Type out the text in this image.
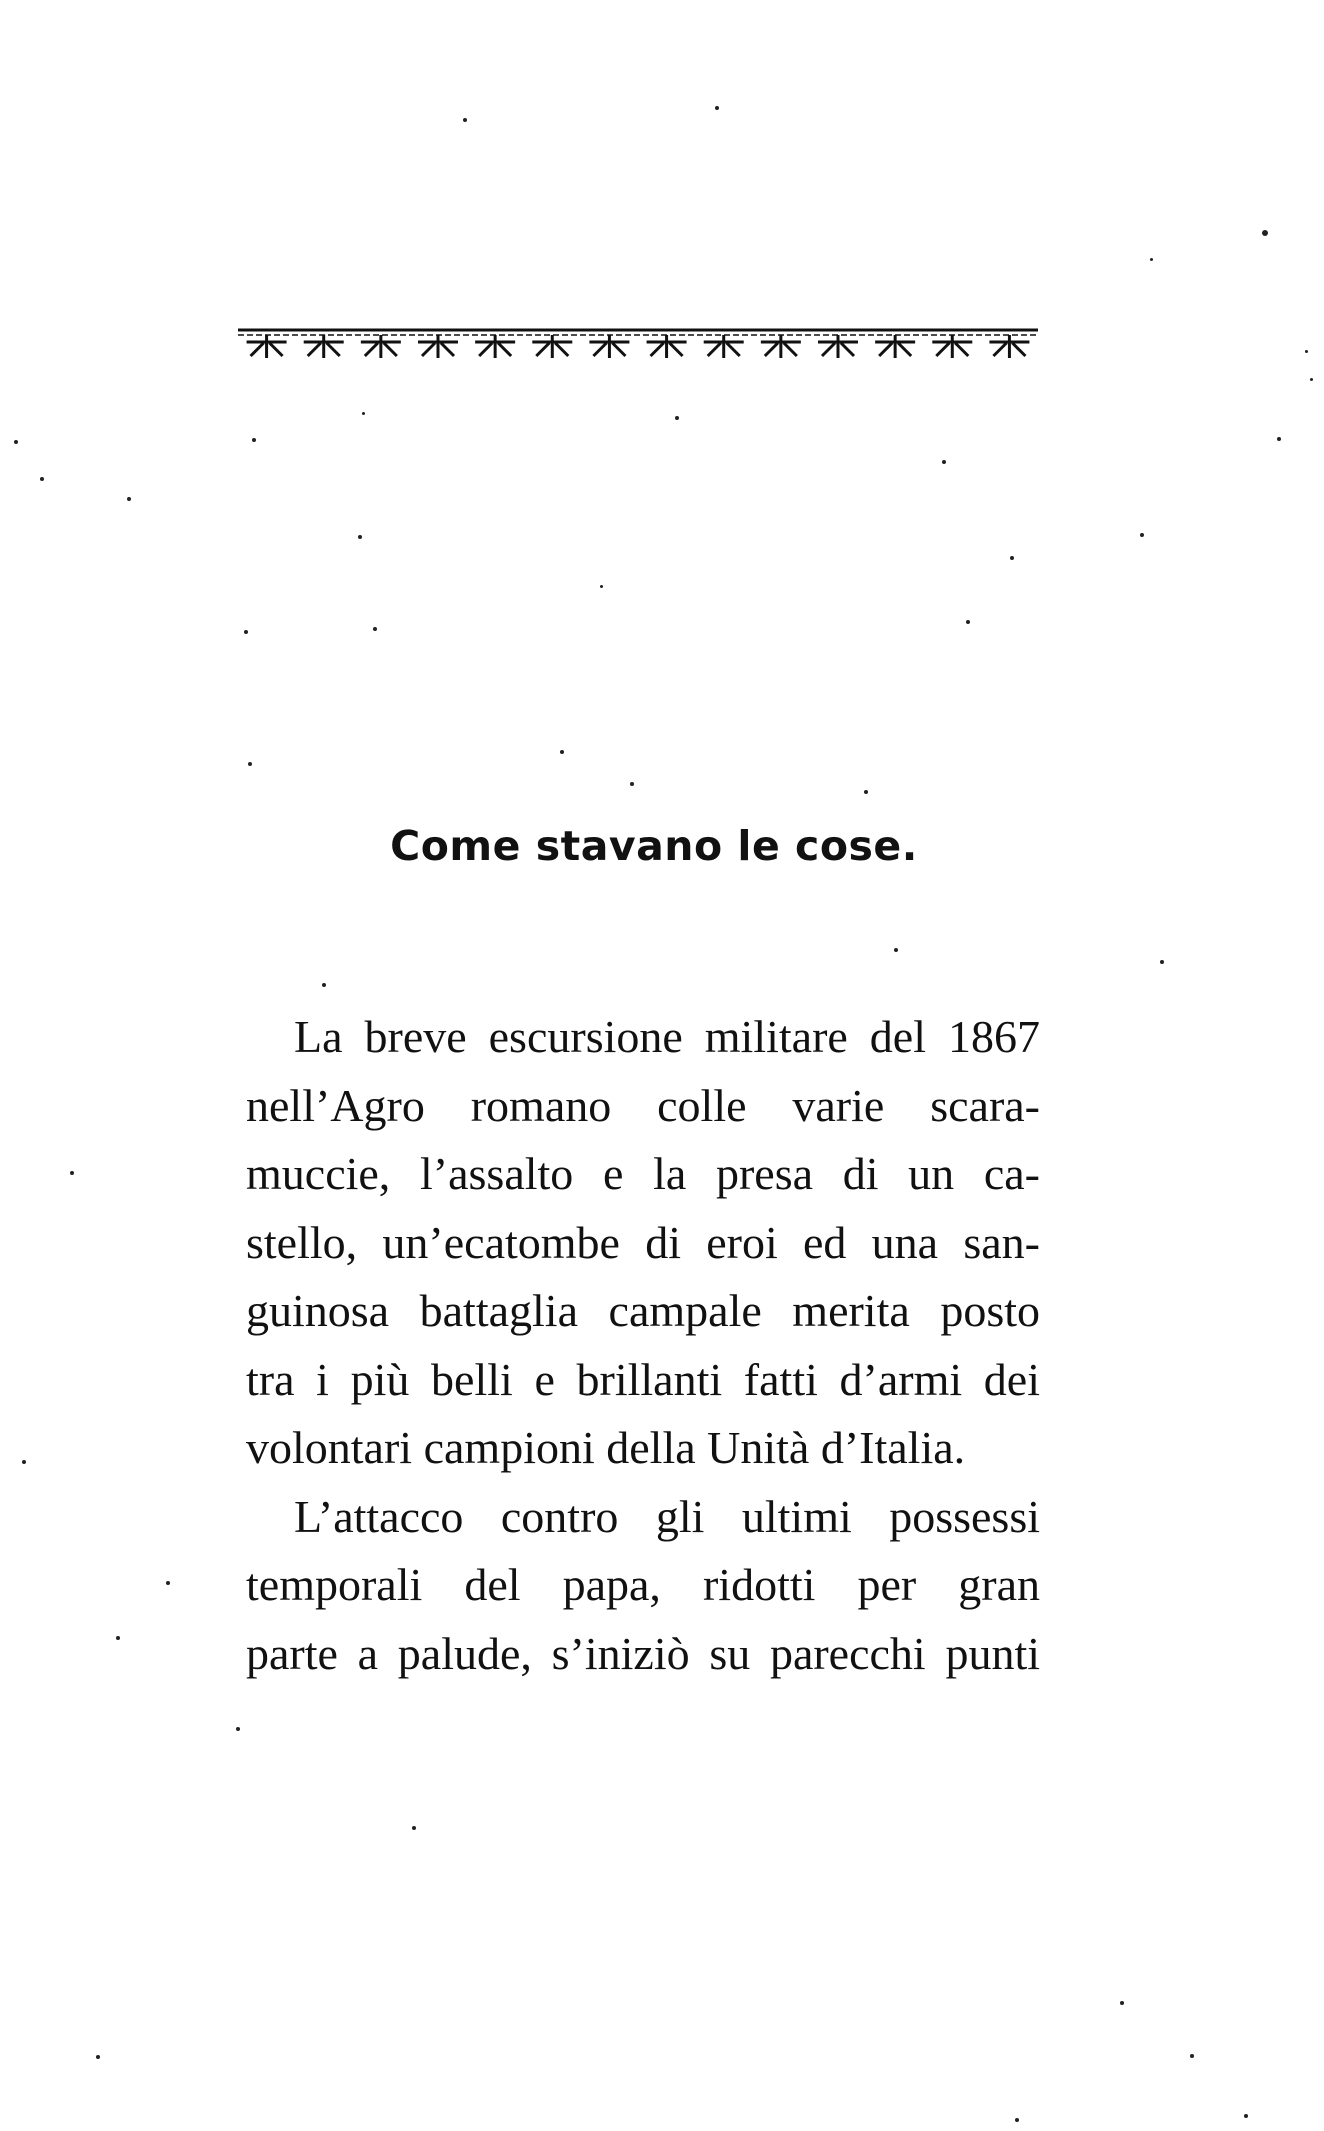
Come stavano le cose.
La breve escursione militare del 1867
nell’Agro romano colle varie scara-
muccie, l’assalto e la presa di un ca-
stello, un’ecatombe di eroi ed una san-
guinosa battaglia campale merita posto
tra i più belli e brillanti fatti d’armi dei
volontari campioni della Unità d’Italia.
L’attacco contro gli ultimi possessi
temporali del papa, ridotti per gran
parte a palude, s’iniziò su parecchi punti
